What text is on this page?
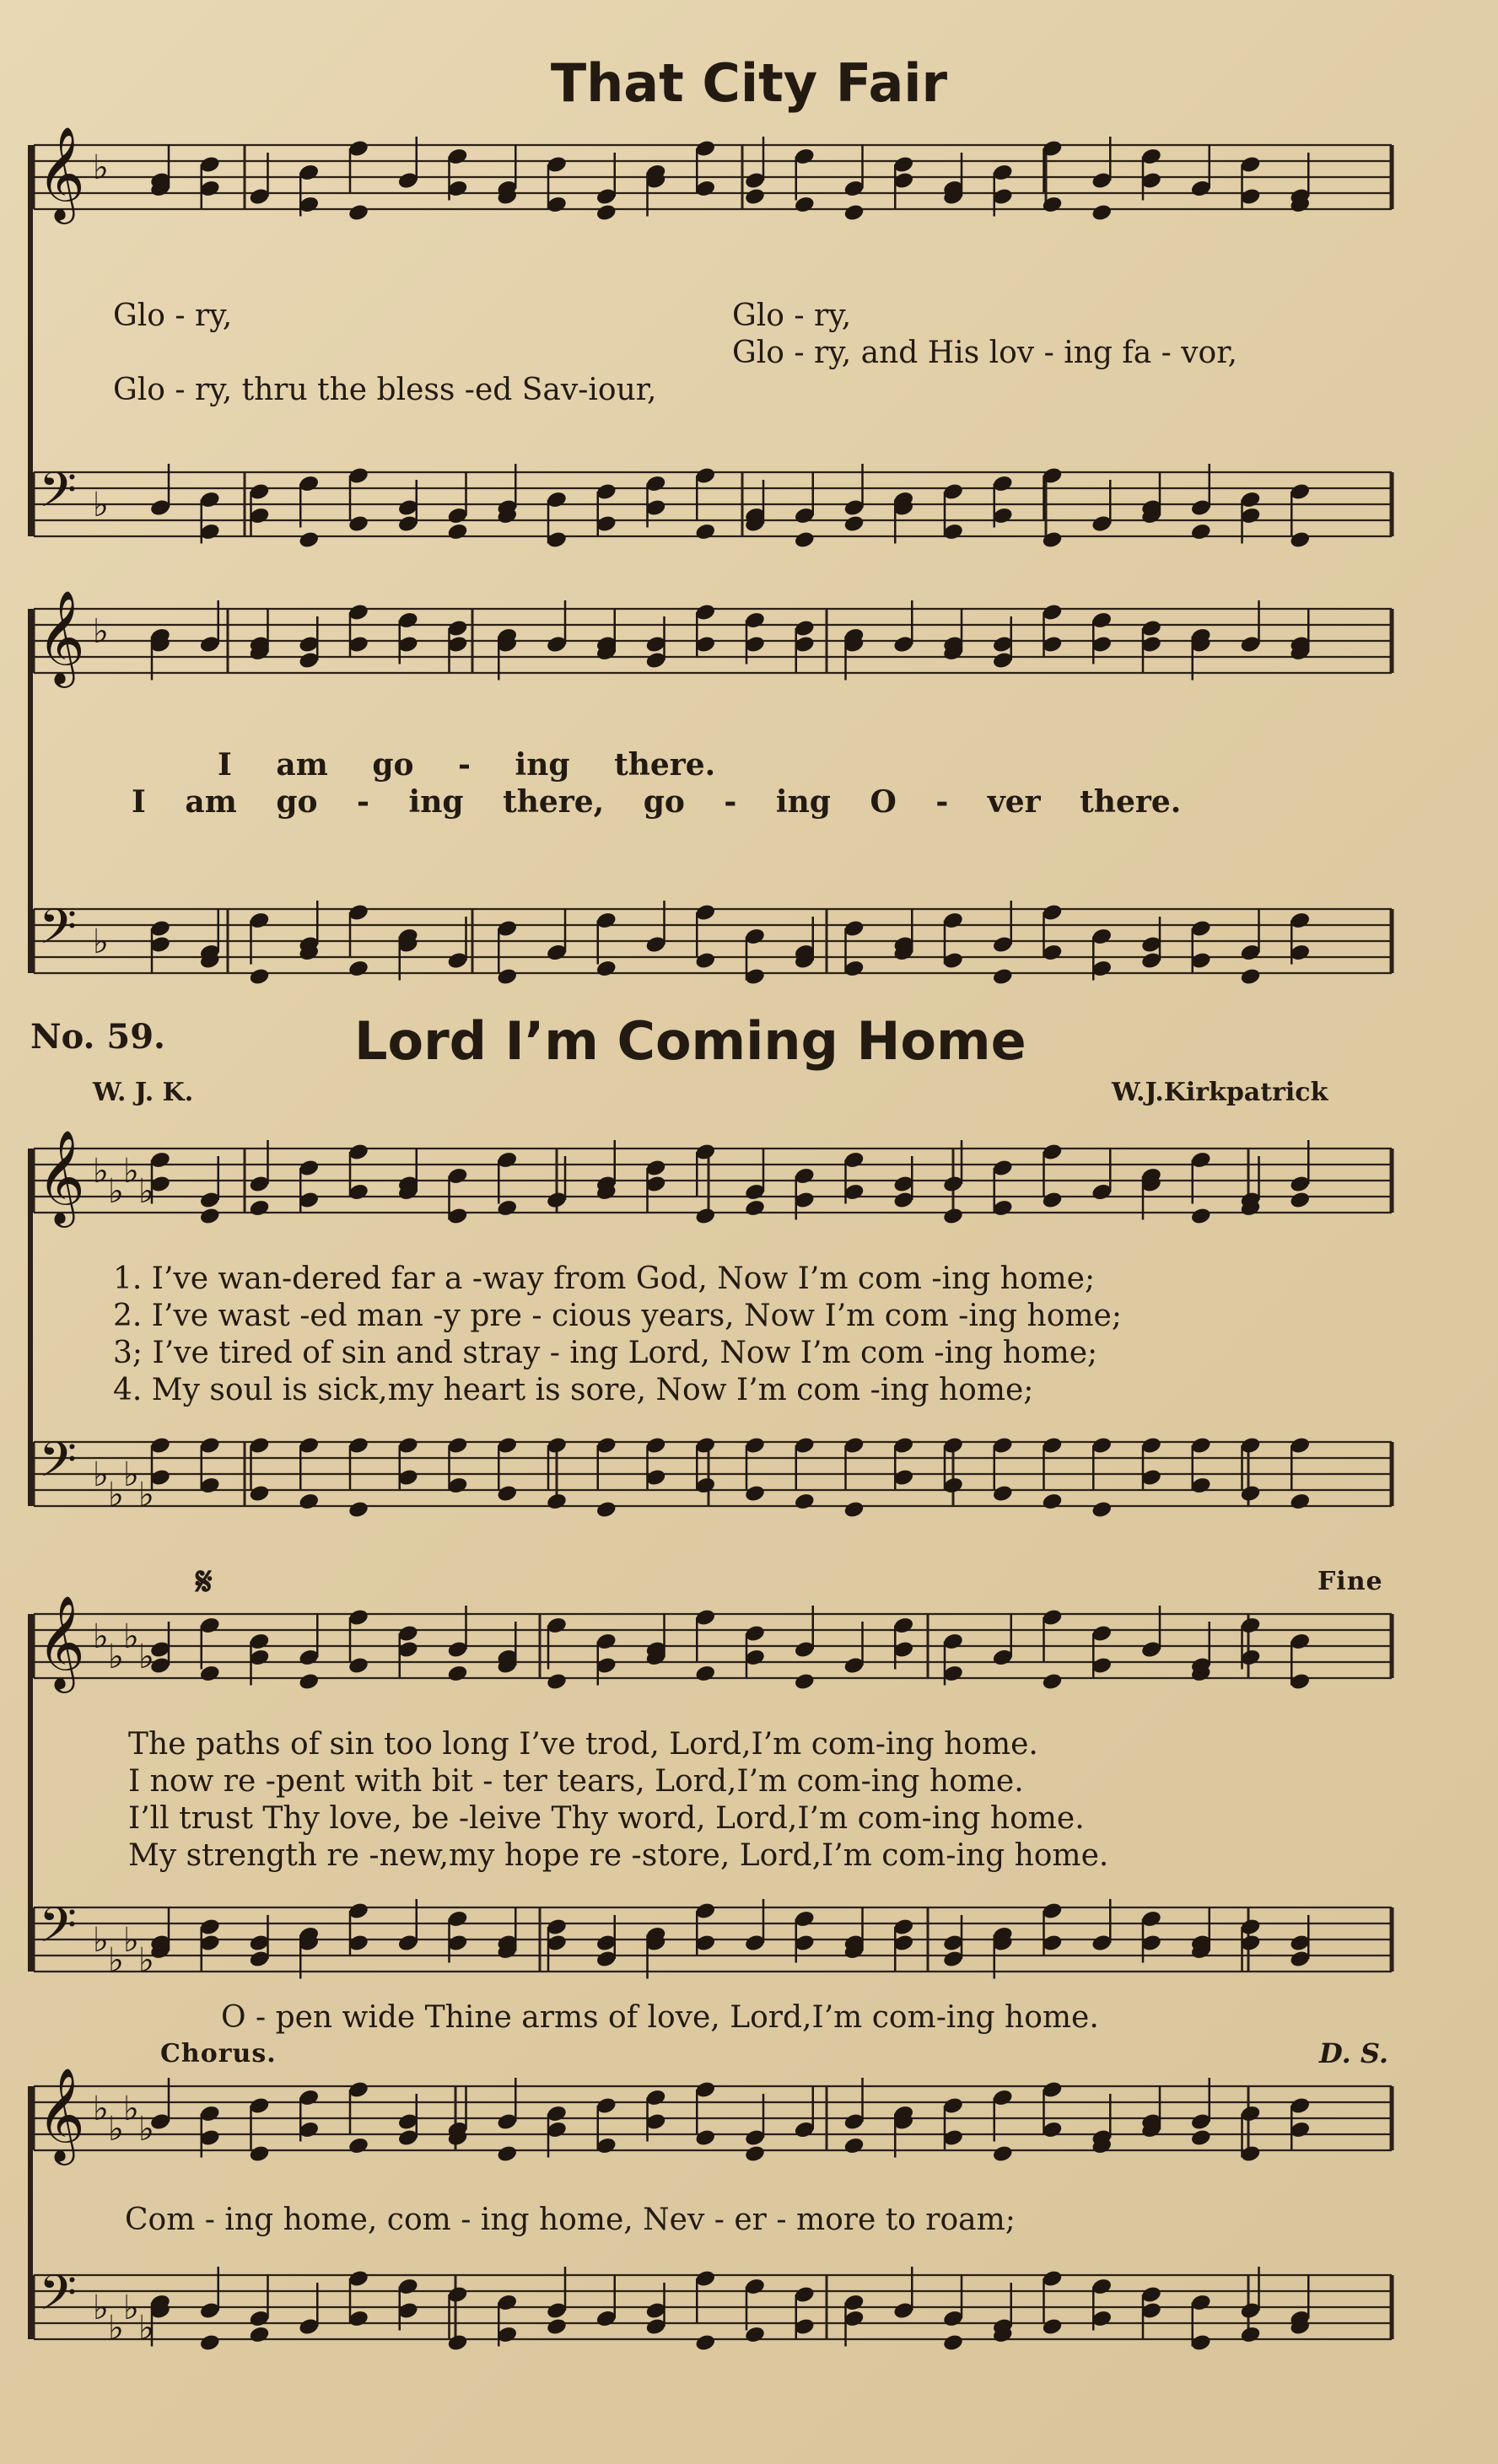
𝄞 ♭
𝄢 ♭
𝄞 ♭
𝄢 ♭
𝄞 ♭
♭
♭
♭
𝄢 ♭
♭
♭
♭
𝄞 ♭
♭
♭
♭
𝄢 ♭
♭
♭
♭
𝄞 ♭
♭
♭
♭
𝄢 ♭
♭
♭
♭
That City Fair
Glo - ry,	Glo - ry,
Glo - ry, and His lov - ing fa - vor,
Glo - ry, thru the bless -ed Sav-iour,
I am go - ing there.
I am go - ing there, go - ing O - ver there.
No. 59.	Lord I’m Coming Home
W. J. K.	W.J.Kirkpatrick
1. I’ve wan-dered far a -way from God, Now I’m com -ing home;
2. I’ve wast -ed man -y pre - cious years, Now I’m com -ing home;
3; I’ve tired of sin and stray - ing Lord, Now I’m com -ing home;
4. My soul is sick,my heart is sore, Now I’m com -ing home;
𝄋	Fine
The paths of sin too long I’ve trod, Lord,I’m com-ing home.
I now re -pent with bit - ter tears, Lord,I’m com-ing home.
I’ll trust Thy love, be -leive Thy word, Lord,I’m com-ing home.
My strength re -new,my hope re -store, Lord,I’m com-ing home.
O - pen wide Thine arms of love, Lord,I’m com-ing home.
Chorus.	D. S.
Com - ing home, com - ing home, Nev - er - more to roam;
